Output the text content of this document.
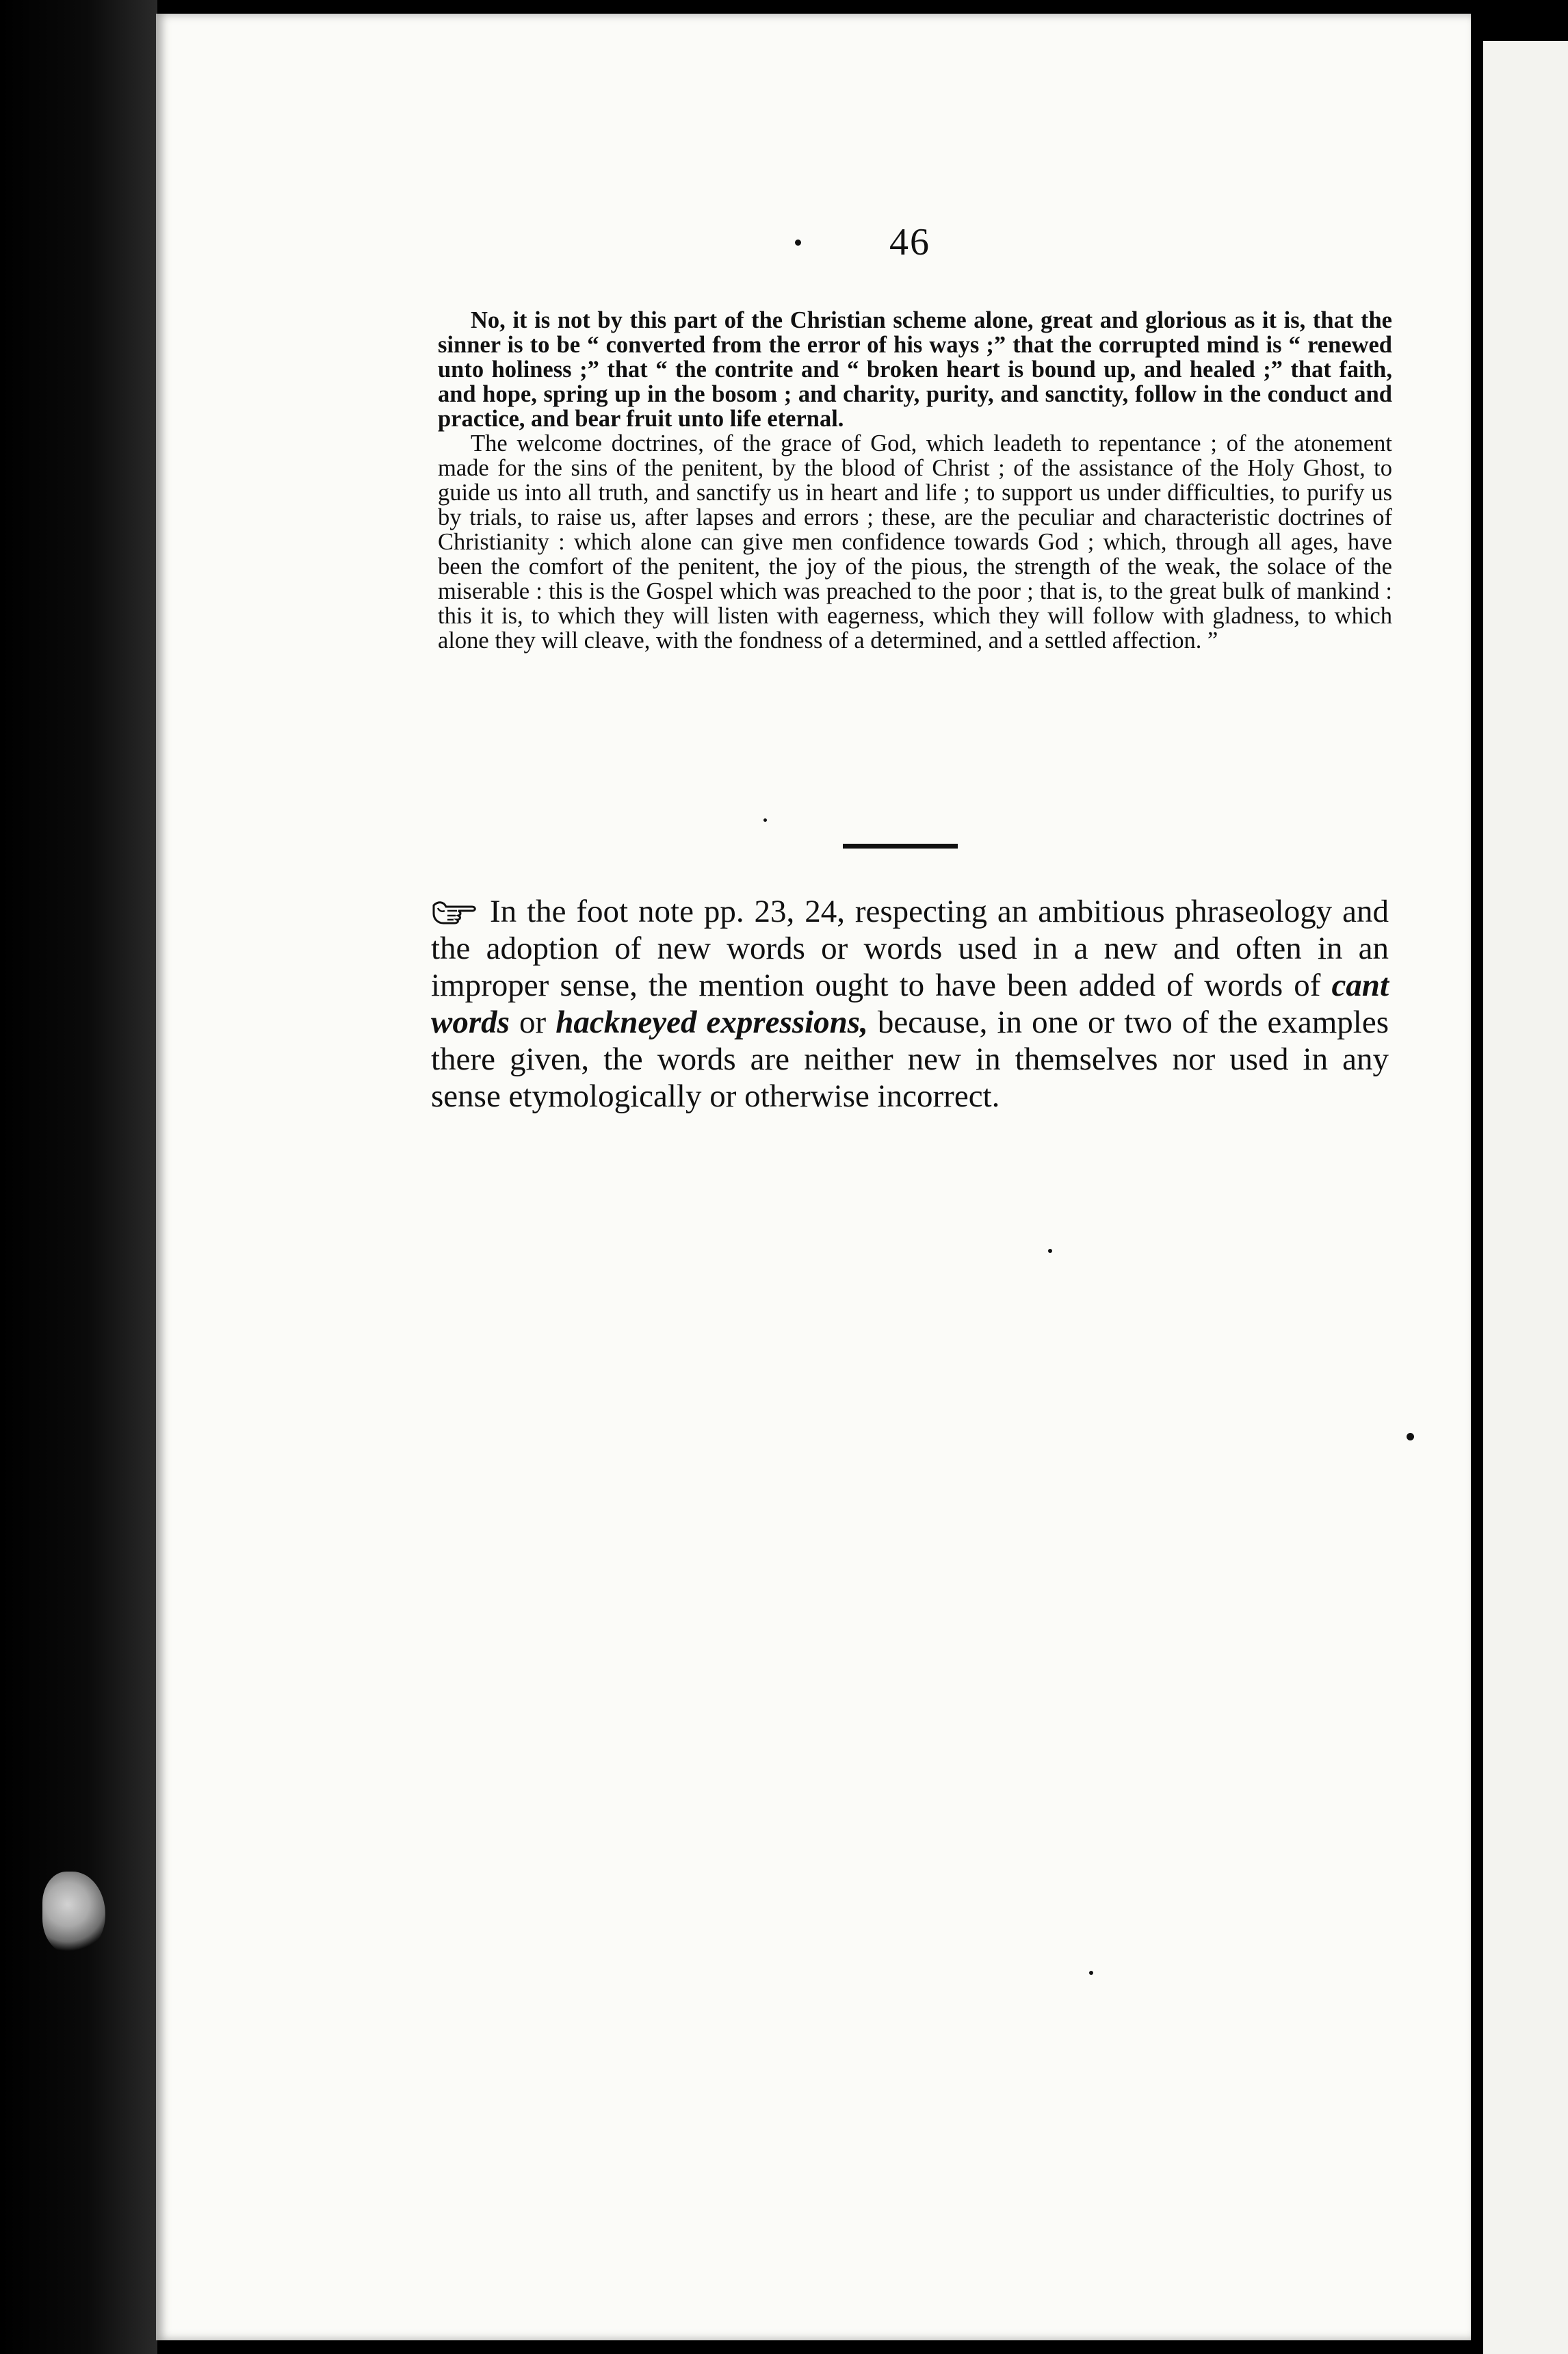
46

No, it is not by this part of the Christian scheme alone, great and glorious as it is, that the sinner is to be “ converted from the error of his ways ;” that the corrupted mind is “ renewed unto holiness ;” that “ the contrite and “ broken heart is bound up, and healed ;” that faith, and hope, spring up in the bosom ; and charity, purity, and sanctity, follow in the conduct and practice, and bear fruit unto life eternal.

The welcome doctrines, of the grace of God, which leadeth to repentance ; of the atonement made for the sins of the penitent, by the blood of Christ ; of the assistance of the Holy Ghost, to guide us into all truth, and sanctify us in heart and life ; to support us under difficulties, to purify us by trials, to raise us, after lapses and errors ; these, are the peculiar and characteristic doctrines of Christianity : which alone can give men confidence towards God ; which, through all ages, have been the comfort of the penitent, the joy of the pious, the strength of the weak, the solace of the miserable : this is the Gospel which was preached to the poor ; that is, to the great bulk of mankind : this it is, to which they will listen with eagerness, which they will follow with gladness, to which alone they will cleave, with the fondness of a determined, and a settled affection. ”

In the foot note pp. 23, 24, respecting an ambitious phraseology and the adoption of new words or words used in a new and often in an improper sense, the mention ought to have been added of words of cant words or hackneyed expressions, because, in one or two of the examples there given, the words are neither new in themselves nor used in any sense etymologically or otherwise incorrect.
